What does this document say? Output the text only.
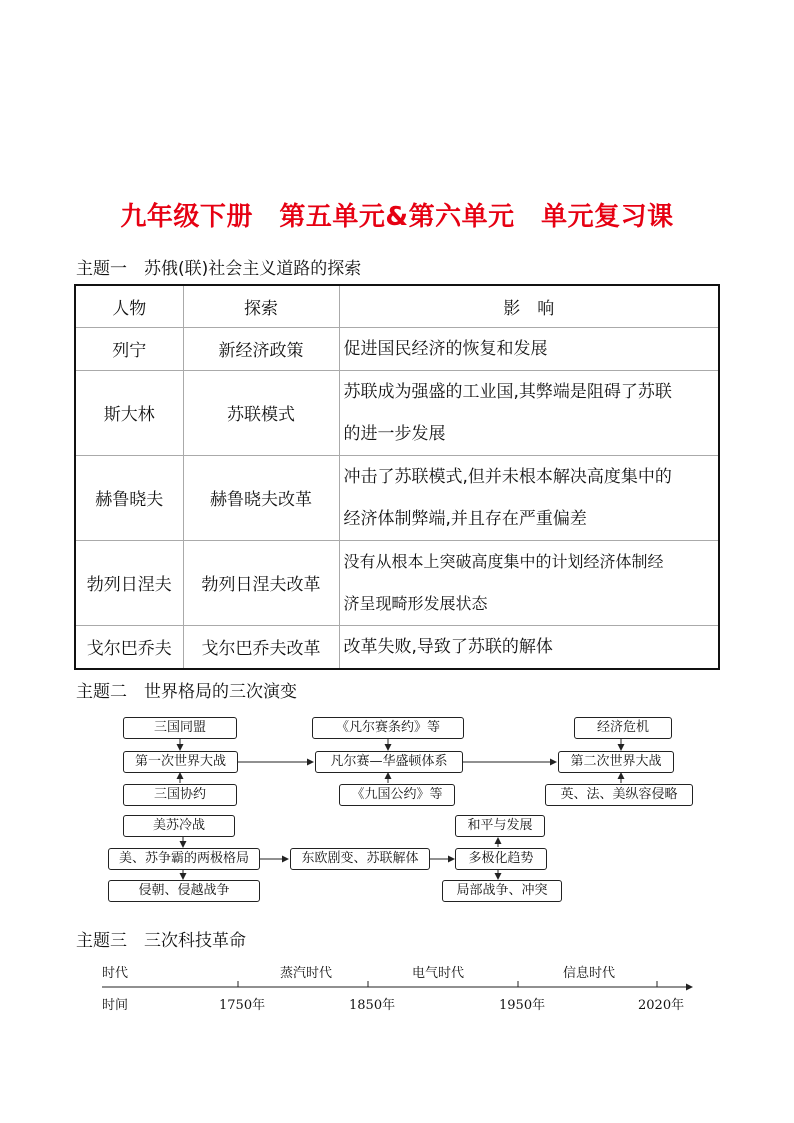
九年级下册　第五单元&第六单元　单元复习课
主题一　苏俄(联)社会主义道路的探索
人物	探索	影　响
列宁	新经济政策	促进国民经济的恢复和发展
斯大林	苏联模式	苏联成为强盛的工业国,其弊端是阻碍了苏联
的进一步发展
赫鲁晓夫	赫鲁晓夫改革	冲击了苏联模式,但并未根本解决高度集中的
经济体制弊端,并且存在严重偏差
勃列日涅夫	勃列日涅夫改革	没有从根本上突破高度集中的计划经济体制经
济呈现畸形发展状态
戈尔巴乔夫	戈尔巴乔夫改革	改革失败,导致了苏联的解体
主题二　世界格局的三次演变
三国同盟
第一次世界大战
三国协约
《凡尔赛条约》等
凡尔赛—华盛顿体系
《九国公约》等
经济危机
第二次世界大战
英、法、美纵容侵略
美苏冷战
美、苏争霸的两极格局
侵朝、侵越战争
东欧剧变、苏联解体
和平与发展
多极化趋势
局部战争、冲突
主题三　三次科技革命
时代	蒸汽时代	电气时代	信息时代
时间	1750年	1850年	1950年	2020年
